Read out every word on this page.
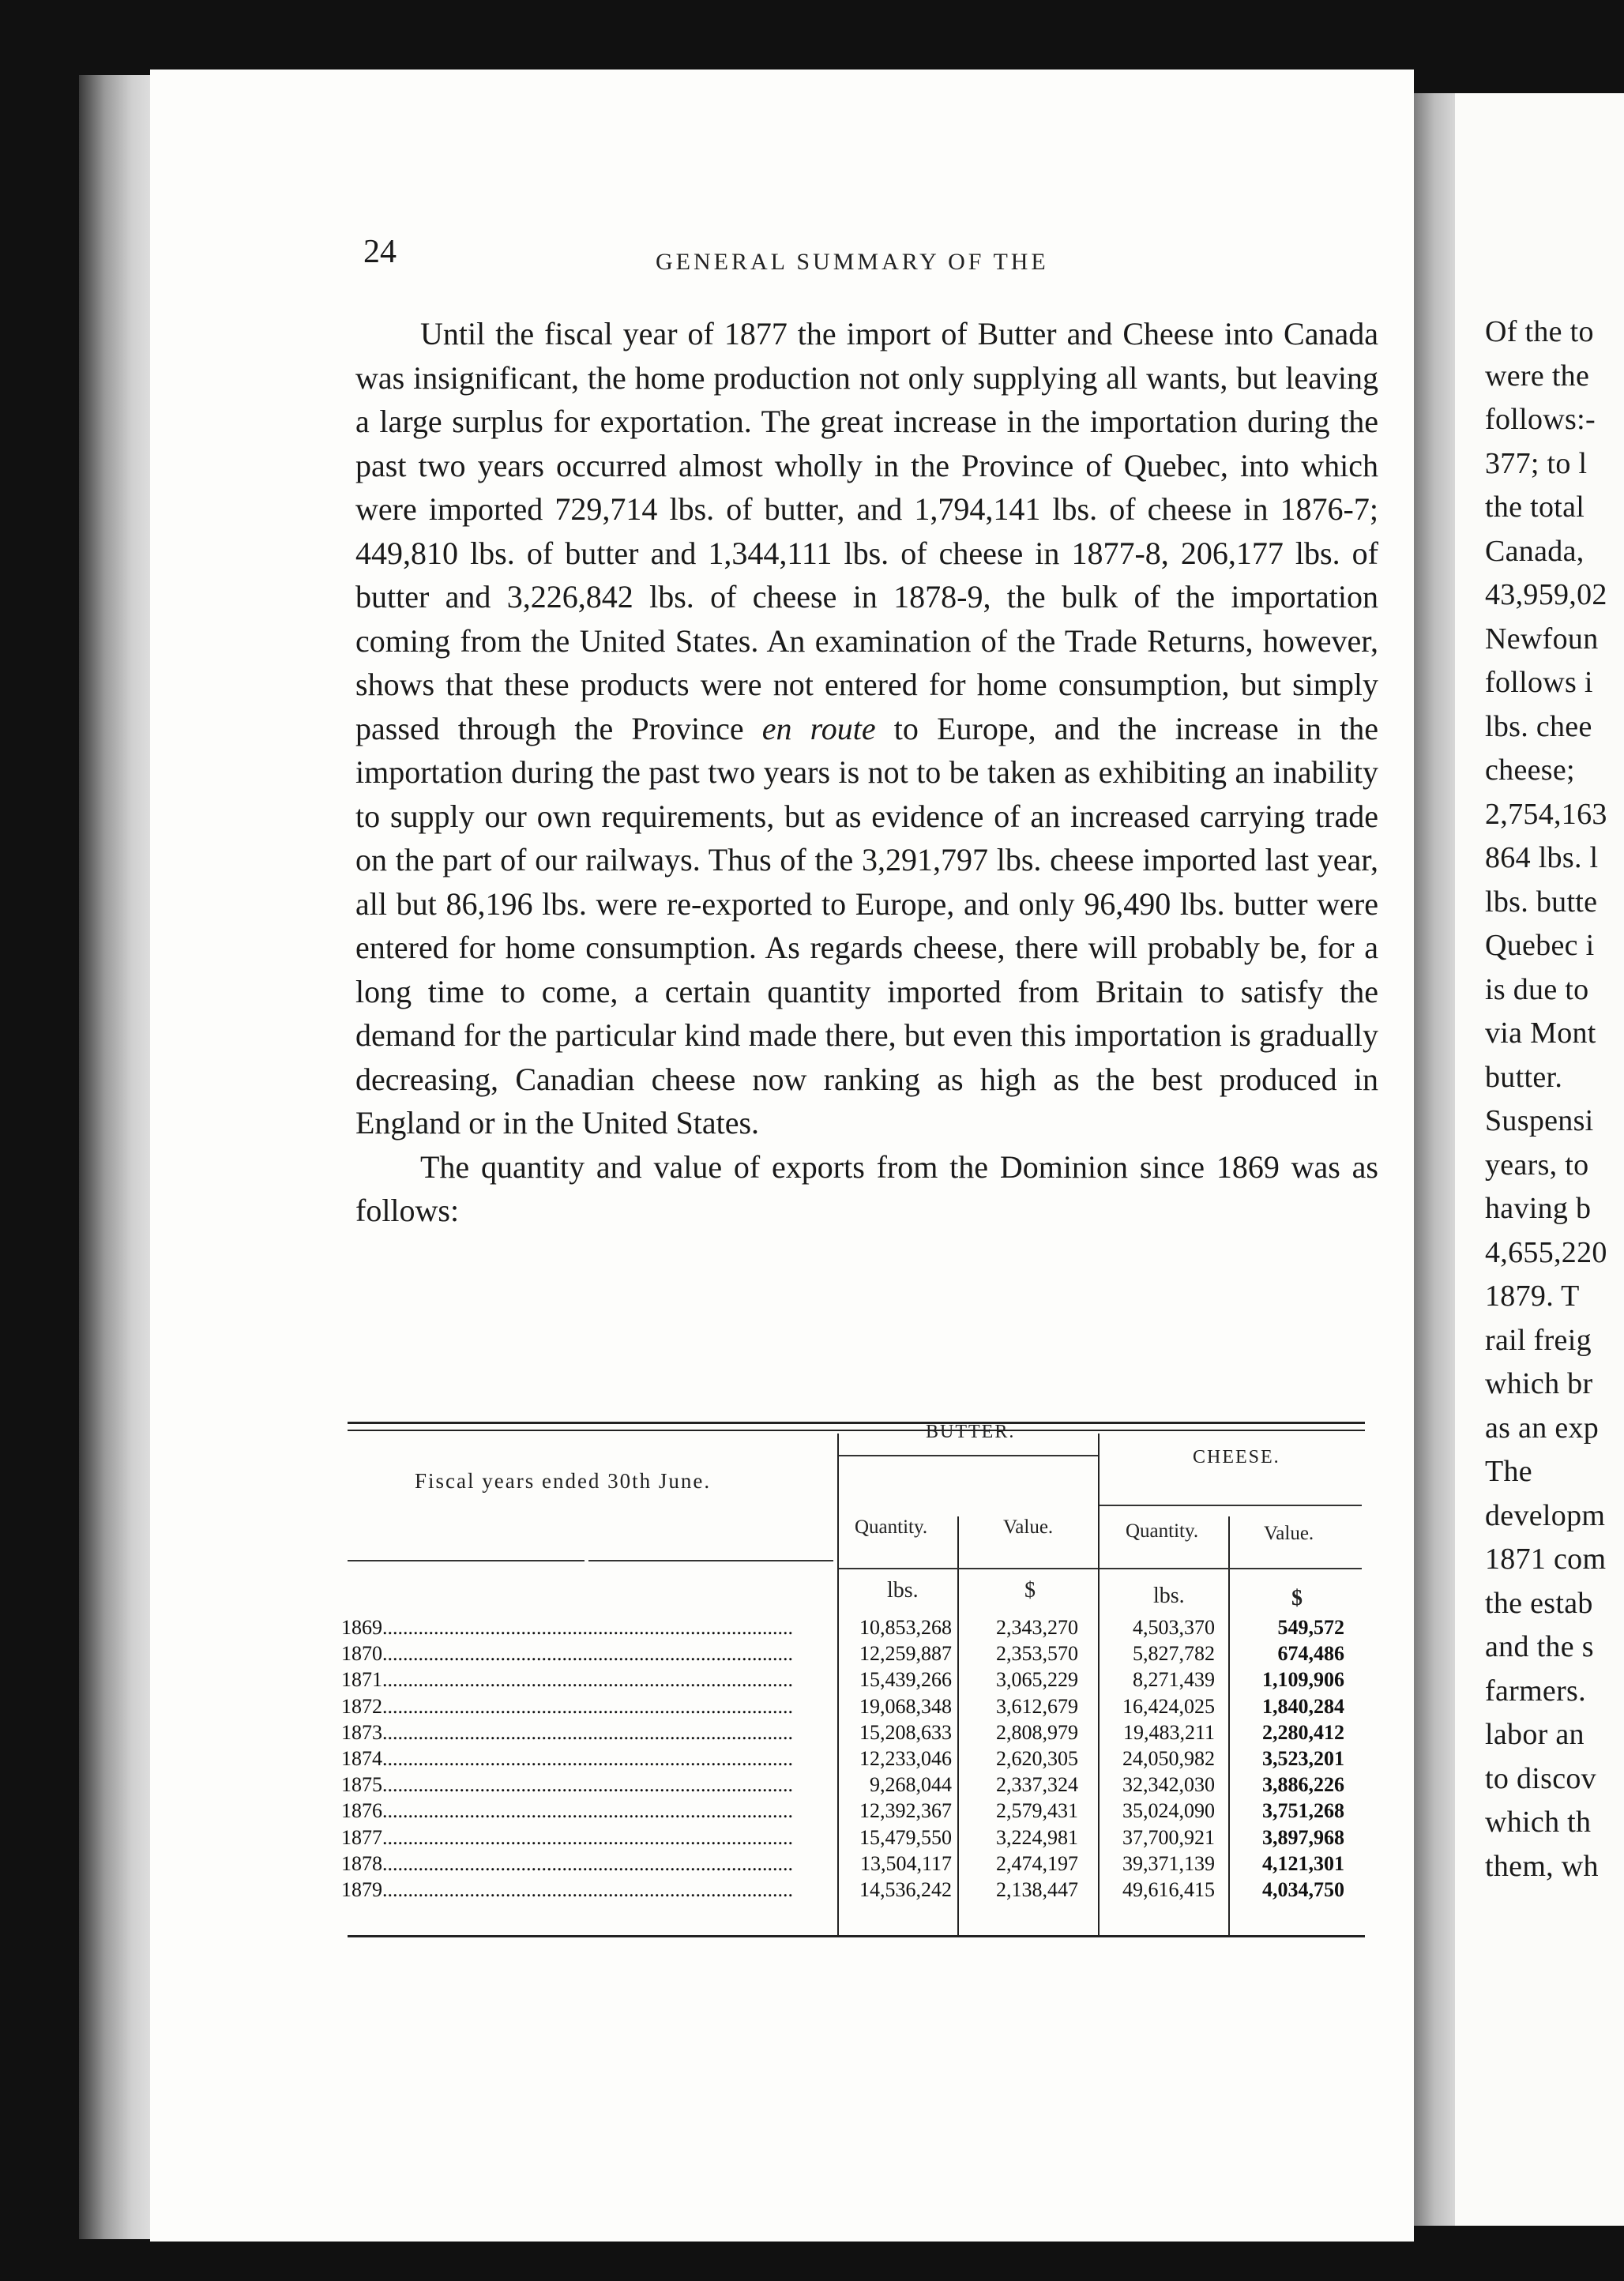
Of the to
were the
follows:-
377; to l
the total
Canada,
43,959,02
Newfoun
follows i
lbs. chee
cheese;
2,754,163
864 lbs. l
lbs. butte
Quebec i
is due to
via Mont
butter.
Suspensi
years, to
having b
4,655,220
1879. T
rail freig
which br
as an exp
The
developm
1871 com
the estab
and the s
farmers.
labor an
to discov
which th
them, wh
24	GENERAL SUMMARY OF THE

Until the fiscal year of 1877 the import of Butter and Cheese into Canada was insignificant, the home production not only supplying all wants, but leaving a large surplus for exportation. The great increase in the importation during the past two years occurred almost wholly in the Province of Quebec, into which were imported 729,714 lbs. of butter, and 1,794,141 lbs. of cheese in 1876-7; 449,810 lbs. of butter and 1,344,111 lbs. of cheese in 1877-8, 206,177 lbs. of butter and 3,226,842 lbs. of cheese in 1878-9, the bulk of the importation coming from the United States. An examination of the Trade Returns, however, shows that these products were not entered for home consumption, but simply passed through the Province en route to Europe, and the increase in the importation during the past two years is not to be taken as exhibiting an inability to supply our own requirements, but as evidence of an increased carrying trade on the part of our railways. Thus of the 3,291,797 lbs. cheese imported last year, all but 86,196 lbs. were re-exported to Europe, and only 96,490 lbs. butter were entered for home consumption. As regards cheese, there will probably be, for a long time to come, a certain quantity imported from Britain to satisfy the demand for the particular kind made there, but even this importation is gradually decreasing, Canadian cheese now ranking as high as the best produced in England or in the United States.

The quantity and value of exports from the Dominion since 1869 was as follows:

Fiscal years ended 30th June.
BUTTER.
CHEESE.
Quantity.	Value.	Quantity.	Value.
lbs.	$	lbs.	$
1869................................................................................	10,853,268	2,343,270	4,503,370	549,572
1870................................................................................	12,259,887	2,353,570	5,827,782	674,486
1871................................................................................	15,439,266	3,065,229	8,271,439	1,109,906
1872................................................................................	19,068,348	3,612,679	16,424,025	1,840,284
1873................................................................................	15,208,633	2,808,979	19,483,211	2,280,412
1874................................................................................	12,233,046	2,620,305	24,050,982	3,523,201
1875................................................................................	9,268,044	2,337,324	32,342,030	3,886,226
1876................................................................................	12,392,367	2,579,431	35,024,090	3,751,268
1877................................................................................	15,479,550	3,224,981	37,700,921	3,897,968
1878................................................................................	13,504,117	2,474,197	39,371,139	4,121,301
1879................................................................................	14,536,242	2,138,447	49,616,415	4,034,750
